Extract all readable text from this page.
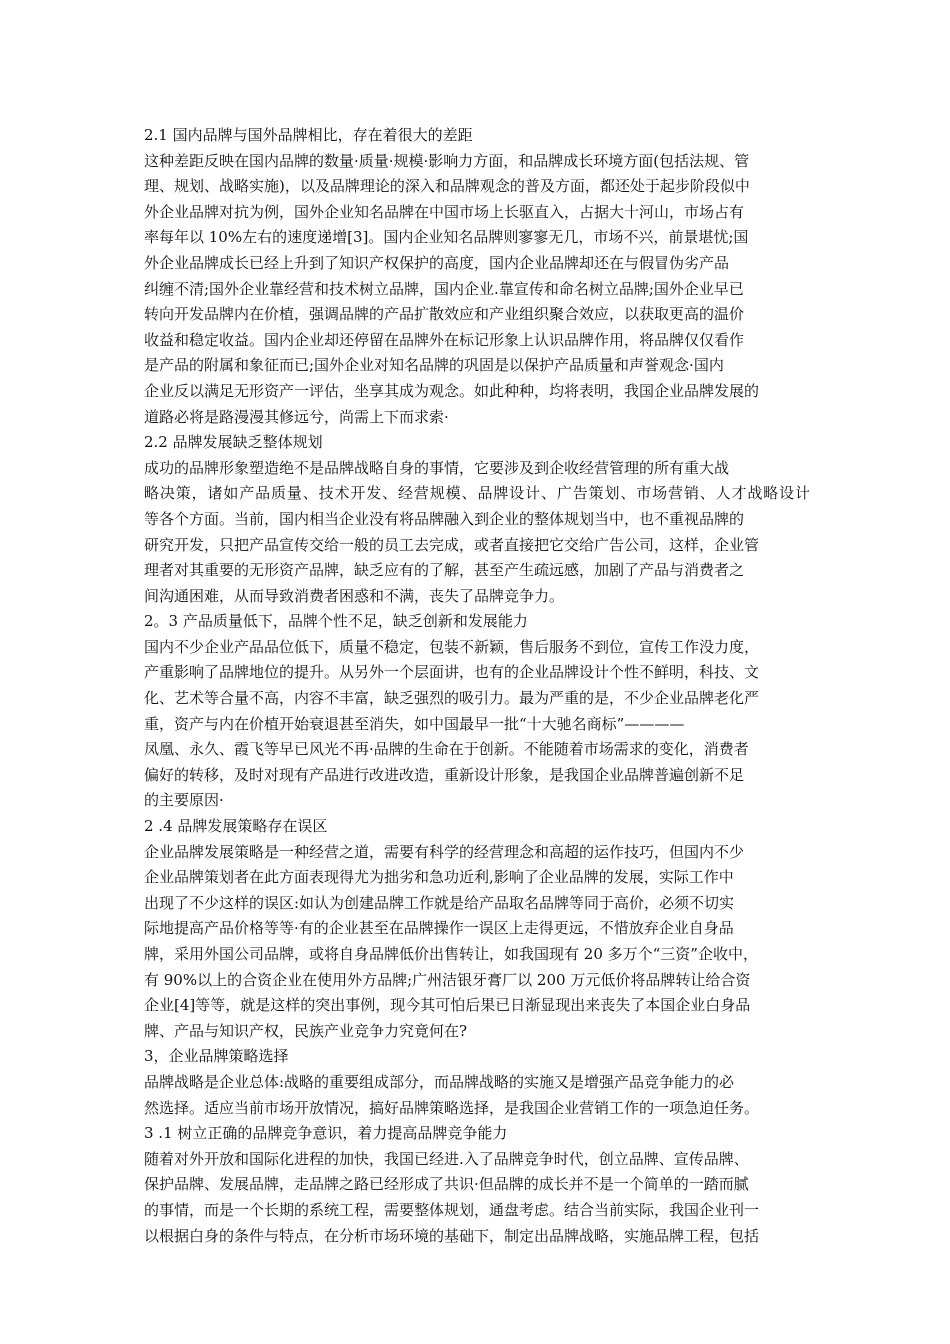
2.1 国内品牌与国外品牌相比，存在着很大的差距
这种差距反映在国内品牌的数量·质量·规模·影响力方面，和品牌成长环境方面(包括法规、管
理、规划、战略实施)，以及品牌理论的深入和品牌观念的普及方面，都还处于起步阶段似中
外企业品牌对抗为例，国外企业知名品牌在中国市场上长驱直入，占据大十河山，市场占有
率每年以 10%左右的速度递增[3]。国内企业知名品牌则寥寥无几，市场不兴，前景堪忧;国
外企业品牌成长已经上升到了知识产权保护的高度，国内企业品牌却还在与假冒伪劣产品
纠缠不清;国外企业靠经营和技术树立品牌，国内企业.靠宣传和命名树立品牌;国外企业早已
转向开发品牌内在价植，强调品牌的产品扩散效应和产业组织聚合效应，以获取更高的温价
收益和稳定收益。国内企业却还停留在品牌外在标记形象上认识品牌作用，将品牌仅仅看作
是产品的附属和象征而已;国外企业对知名品牌的巩固是以保护产品质量和声誉观念·国内
企业反以满足无形资产一评估，坐享其成为观念。如此种种，均将表明，我国企业品牌发展的
道路必将是路漫漫其修远兮，尚需上下而求索·
2.2 品牌发展缺乏整体规划
成功的品牌形象塑造绝不是品牌战略自身的事情，它要涉及到企收经营管理的所有重大战
略决策，诸如产品质量、技术开发、经营规模、品牌设计、广告策划、市场营销、人才战略设计
等各个方面。当前，国内相当企业没有将品牌融入到企业的整体规划当中，也不重视品牌的
研究开发，只把产品宣传交给一般的员工去完成，或者直接把它交给广告公司，这样，企业管
理者对其重要的无形资产品牌，缺乏应有的了解，甚至产生疏远感，加剧了产品与消费者之
间沟通困难，从而导致消费者困惑和不满，丧失了品牌竞争力。
2。3 产品质量低下，品牌个性不足，缺乏创新和发展能力
国内不少企业产品品位低下，质量不稳定，包装不新颖，售后服务不到位，宣传工作没力度，
产重影响了品牌地位的提升。从另外一个层面讲，也有的企业品牌设计个性不鲜明，科技、文
化、艺术等合量不高，内容不丰富，缺乏强烈的吸引力。最为严重的是，不少企业品牌老化严
重，资产与内在价植开始衰退甚至消失，如中国最早一批“十大驰名商标”————
凤凰、永久、霞飞等早已风光不再·品牌的生命在于创新。不能随着市场需求的变化，消费者
偏好的转移，及时对现有产品进行改进改造，重新设计形象，是我国企业品牌普遍创新不足
的主要原因·
2 .4 品牌发展策略存在误区
企业品牌发展策略是一种经营之道，需要有科学的经营理念和高超的运作技巧，但国内不少
企业品牌策划者在此方面表现得尤为拙劣和急功近利,影响了企业品牌的发展，实际工作中
出现了不少这样的误区:如认为创建品牌工作就是给产品取名品牌等同于高价，必须不切实
际地提高产品价格等等·有的企业甚至在品牌操作一误区上走得更远，不惜放弃企业自身品
牌，采用外国公司品牌，或将自身品牌低价出售转让，如我国现有 20 多万个“三资”企收中，
有 90%以上的合资企业在使用外方品牌;广州洁银牙膏厂以 200 万元低价将品牌转让给合资
企业[4]等等，就是这样的突出事例，现今其可怕后果已日渐显现出来丧失了本国企业白身品
牌、产品与知识产权，民族产业竞争力究竟何在?
3，企业品牌策略选择
品牌战略是企业总体:战略的重要组成部分，而品牌战略的实施又是增强产品竞争能力的必
然选择。适应当前市场开放情况，搞好品牌策略选择，是我国企业营销工作的一项急迫任务。
3 .1 树立正确的品牌竞争意识，着力提高品牌竞争能力
随着对外开放和国际化进程的加快，我国已经进.入了品牌竞争时代，创立品牌、宣传品牌、
保护品牌、发展品牌，走品牌之路已经形成了共识·但品牌的成长并不是一个简单的一踏而腻
的事情，而是一个长期的系统工程，需要整体规划，通盘考虑。结合当前实际，我国企业刊一
以根据白身的条件与特点，在分析市场环境的基础下，制定出品牌战略，实施品牌工程，包括
